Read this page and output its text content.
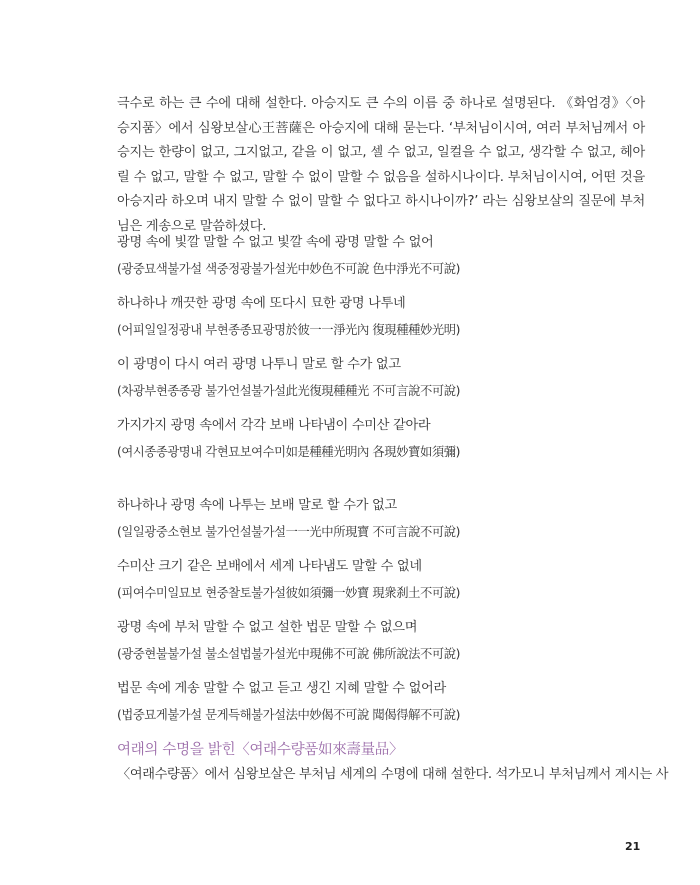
극수로 하는 큰 수에 대해 설한다. 아승지도 큰 수의 이름 중 하나로 설명된다. 《화엄경》〈아승지품〉에서 심왕보살心王菩薩은 아승지에 대해 묻는다. ‘부처님이시여, 여러 부처님께서 아승지는 한량이 없고, 그지없고, 같을 이 없고, 셀 수 없고, 일컬을 수 없고, 생각할 수 없고, 헤아릴 수 없고, 말할 수 없고, 말할 수 없이 말할 수 없음을 설하시나이다. 부처님이시여, 어떤 것을 아승지라 하오며 내지 말할 수 없이 말할 수 없다고 하시나이까?’ 라는 심왕보살의 질문에 부처님은 게송으로 말씀하셨다.

광명 속에 빛깔 말할 수 없고 빛깔 속에 광명 말할 수 없어
(광중묘색불가설 색중정광불가설光中妙色不可說 色中淨光不可說)
하나하나 깨끗한 광명 속에 또다시 묘한 광명 나투네
(어피일일정광내 부현종종묘광명於彼一一淨光內 復現種種妙光明)
이 광명이 다시 여러 광명 나투니 말로 할 수가 없고
(차광부현종종광 불가언설불가설此光復現種種光 不可言說不可說)
가지가지 광명 속에서 각각 보배 나타냄이 수미산 같아라
(여시종종광명내 각현묘보여수미如是種種光明內 各現妙寶如須彌)
하나하나 광명 속에 나투는 보배 말로 할 수가 없고
(일일광중소현보 불가언설불가설一一光中所現寶 不可言說不可說)
수미산 크기 같은 보배에서 세계 나타냄도 말할 수 없네
(피여수미일묘보 현중찰토불가설彼如須彌一妙寶 現衆刹土不可說)
광명 속에 부처 말할 수 없고 설한 법문 말할 수 없으며
(광중현불불가설 불소설법불가설光中現佛不可說 佛所說法不可說)
법문 속에 게송 말할 수 없고 듣고 생긴 지혜 말할 수 없어라
(법중묘게불가설 문게득해불가설法中妙偈不可說 聞偈得解不可說)
여래의 수명을 밝힌〈여래수량품如來壽量品〉
〈여래수량품〉에서 심왕보살은 부처님 세계의 수명에 대해 설한다. 석가모니 부처님께서 계시는 사
21
